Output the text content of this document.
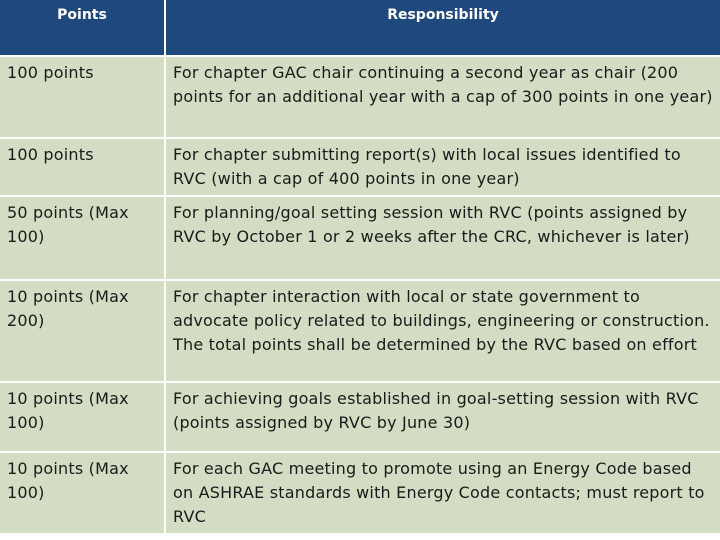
Points	Responsibility
100 points	For chapter GAC chair continuing a second year as chair (200 points for an additional year with a cap of 300 points in one year)
100 points	For chapter submitting report(s) with local issues identified to RVC (with a cap of 400 points in one year)
50 points (Max 100)	For planning/goal setting session with RVC (points assigned by RVC by October 1 or 2 weeks after the CRC, whichever is later)
10 points (Max 200)	For chapter interaction with local or state government to advocate policy related to buildings, engineering or construction. The total points shall be determined by the RVC based on effort
10 points (Max 100)	For achieving goals established in goal-setting session with RVC (points assigned by RVC by June 30)
10 points (Max 100)	For each GAC meeting to promote using an Energy Code based on ASHRAE standards with Energy Code contacts; must report to RVC
